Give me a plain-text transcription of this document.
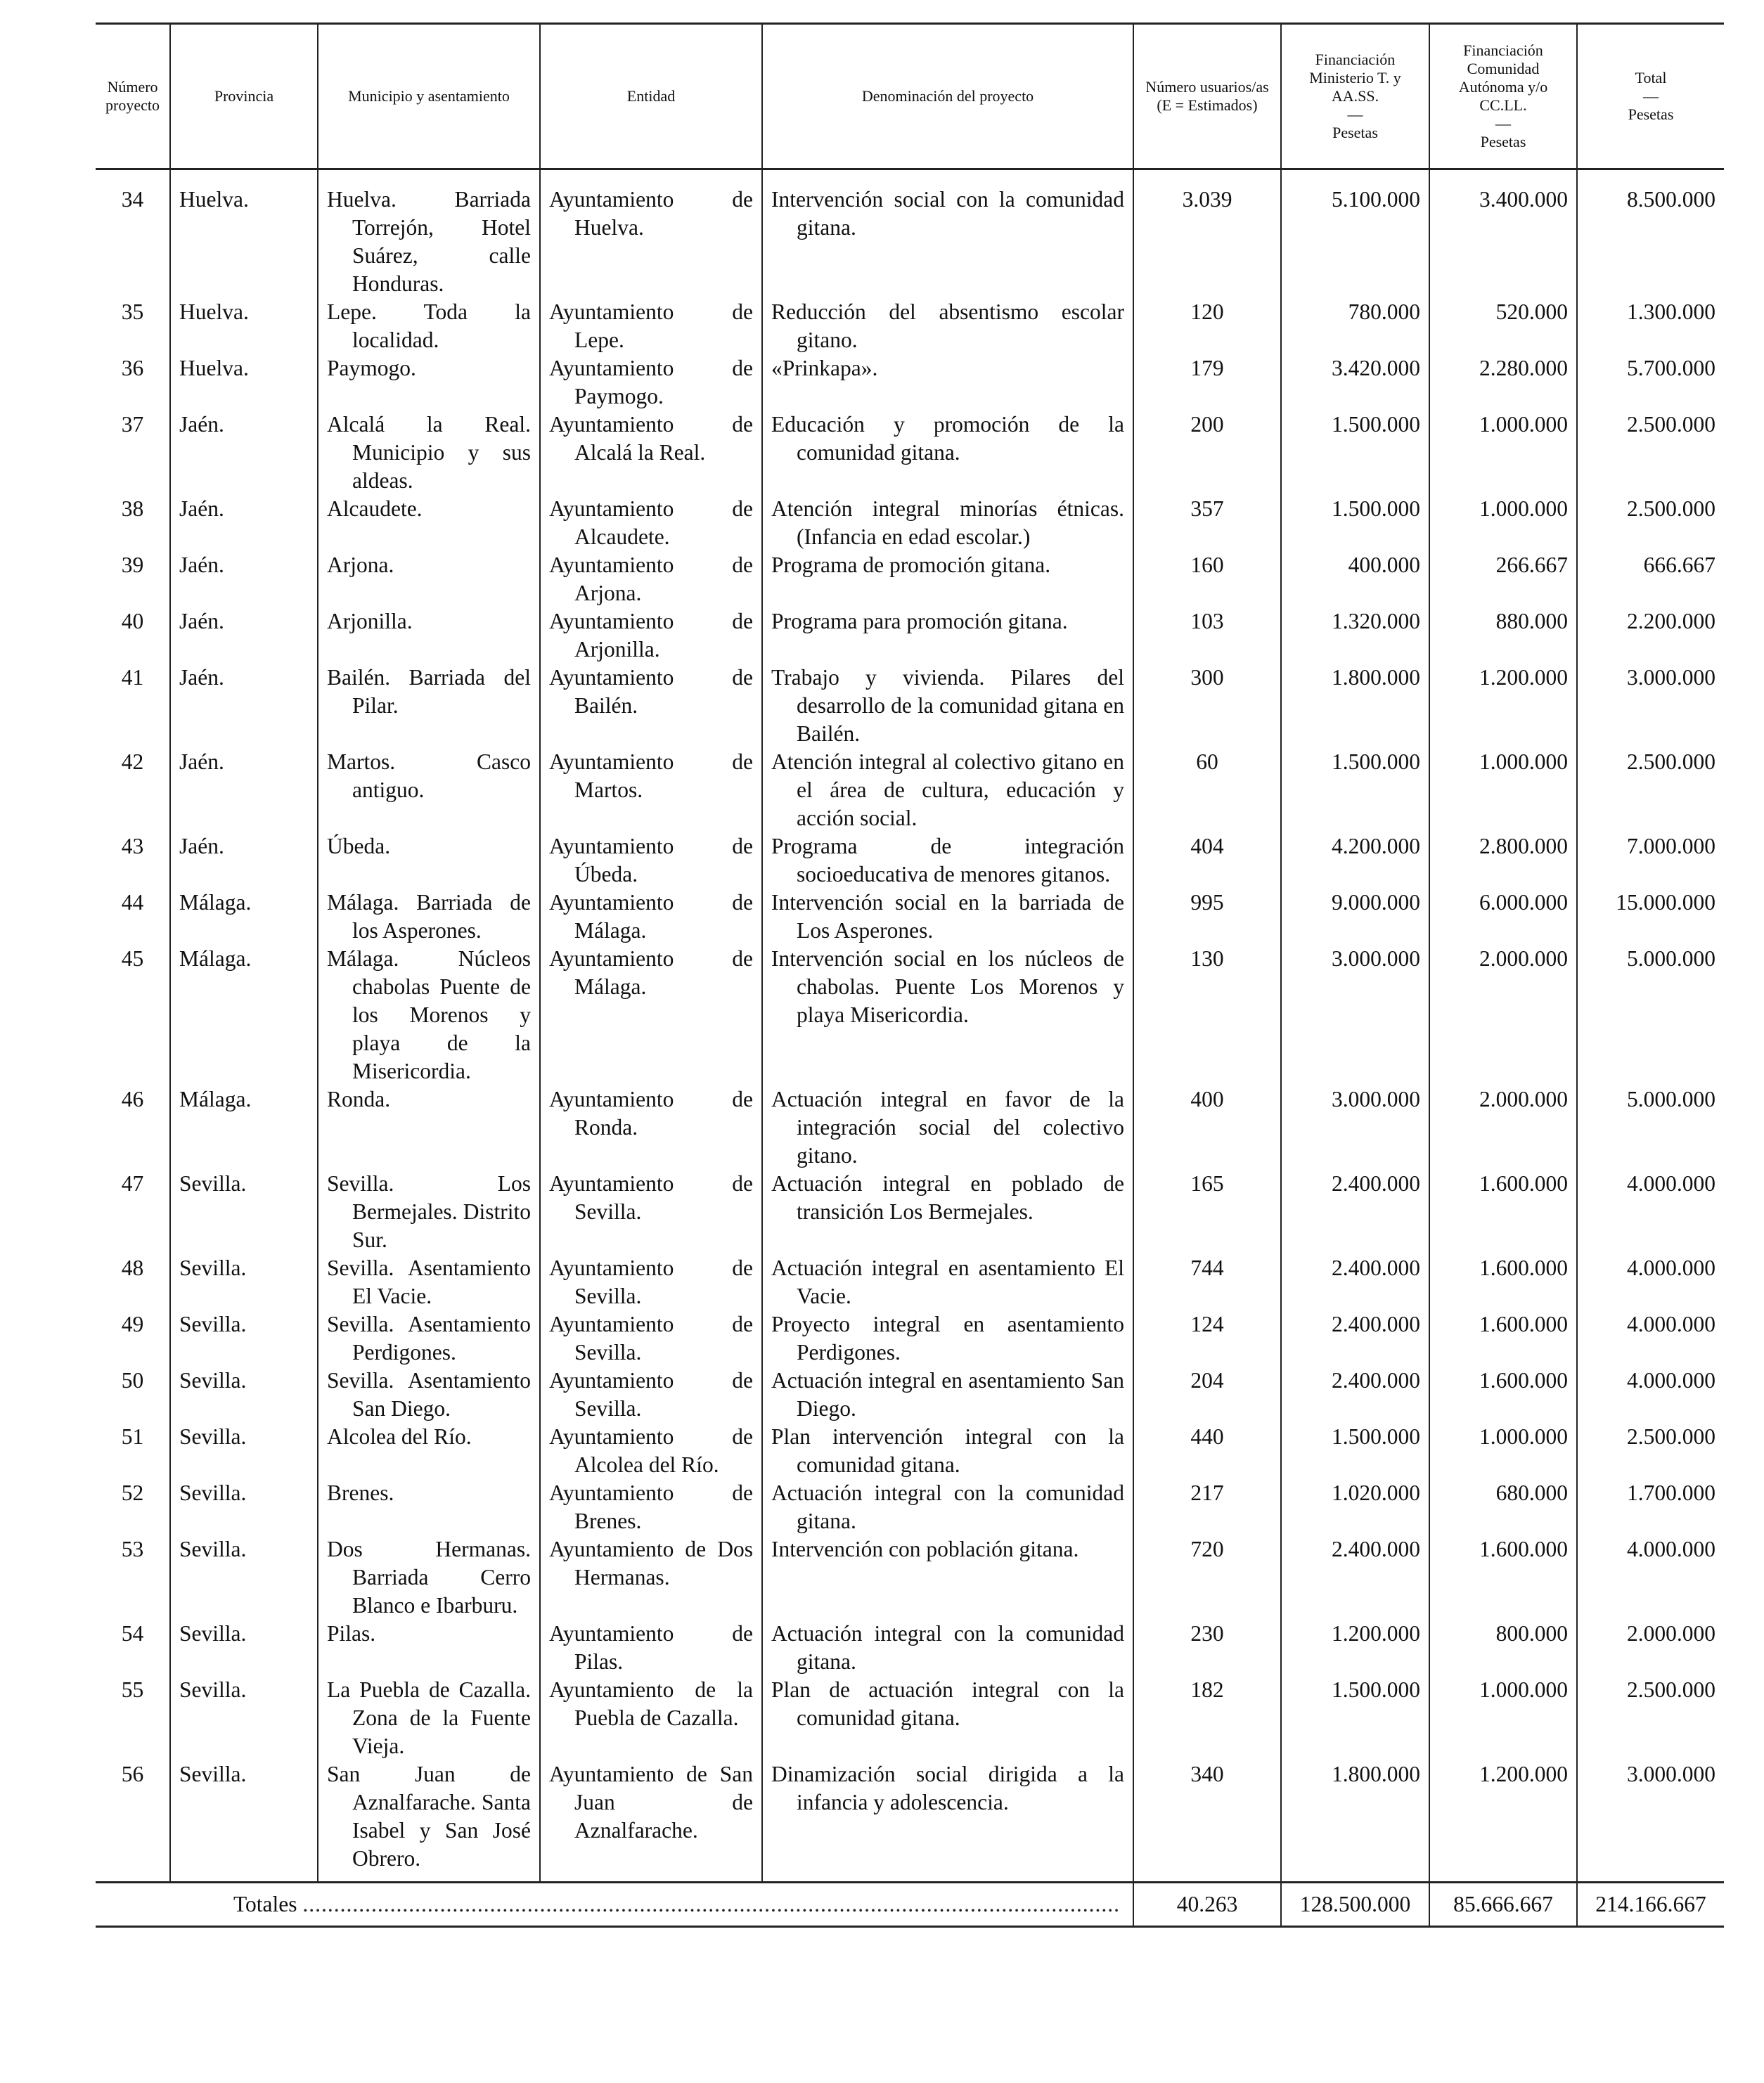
Número proyecto	Provincia	Municipio y asentamiento	Entidad	Denominación del proyecto	Número usuarios/as (E = Estimados)	Financiación Ministerio T. y AA.SS.
—
Pesetas	Financiación Comunidad Autónoma y/o CC.LL.
—
Pesetas	Total
—
Pesetas

34	Huelva.	Huelva. Barriada Torrejón, Hotel Suárez, calle Honduras.	Ayuntamiento de Huelva.	Intervención social con la comunidad gitana.	3.039	5.100.000	3.400.000	8.500.000
35	Huelva.	Lepe. Toda la localidad.	Ayuntamiento de Lepe.	Reducción del absentismo escolar gitano.	120	780.000	520.000	1.300.000
36	Huelva.	Paymogo.	Ayuntamiento de Paymogo.	«Prinkapa».	179	3.420.000	2.280.000	5.700.000
37	Jaén.	Alcalá la Real. Municipio y sus aldeas.	Ayuntamiento de Alcalá la Real.	Educación y promoción de la comunidad gitana.	200	1.500.000	1.000.000	2.500.000
38	Jaén.	Alcaudete.	Ayuntamiento de Alcaudete.	Atención integral minorías étnicas. (Infancia en edad escolar.)	357	1.500.000	1.000.000	2.500.000
39	Jaén.	Arjona.	Ayuntamiento de Arjona.	Programa de promoción gitana.	160	400.000	266.667	666.667
40	Jaén.	Arjonilla.	Ayuntamiento de Arjonilla.	Programa para promoción gitana.	103	1.320.000	880.000	2.200.000
41	Jaén.	Bailén. Barriada del Pilar.	Ayuntamiento de Bailén.	Trabajo y vivienda. Pilares del desarrollo de la comunidad gitana en Bailén.	300	1.800.000	1.200.000	3.000.000
42	Jaén.	Martos. Casco antiguo.	Ayuntamiento de Martos.	Atención integral al colectivo gitano en el área de cultura, educación y acción social.	60	1.500.000	1.000.000	2.500.000
43	Jaén.	Úbeda.	Ayuntamiento de Úbeda.	Programa de integración socioeducativa de menores gitanos.	404	4.200.000	2.800.000	7.000.000
44	Málaga.	Málaga. Barriada de los Asperones.	Ayuntamiento de Málaga.	Intervención social en la barriada de Los Asperones.	995	9.000.000	6.000.000	15.000.000
45	Málaga.	Málaga. Núcleos chabolas Puente de los Morenos y playa de la Misericordia.	Ayuntamiento de Málaga.	Intervención social en los núcleos de chabolas. Puente Los Morenos y playa Misericordia.	130	3.000.000	2.000.000	5.000.000
46	Málaga.	Ronda.	Ayuntamiento de Ronda.	Actuación integral en favor de la integración social del colectivo gitano.	400	3.000.000	2.000.000	5.000.000
47	Sevilla.	Sevilla. Los Bermejales. Distrito Sur.	Ayuntamiento de Sevilla.	Actuación integral en poblado de transición Los Bermejales.	165	2.400.000	1.600.000	4.000.000
48	Sevilla.	Sevilla. Asentamiento El Vacie.	Ayuntamiento de Sevilla.	Actuación integral en asentamiento El Vacie.	744	2.400.000	1.600.000	4.000.000
49	Sevilla.	Sevilla. Asentamiento Perdigones.	Ayuntamiento de Sevilla.	Proyecto integral en asentamiento Perdigones.	124	2.400.000	1.600.000	4.000.000
50	Sevilla.	Sevilla. Asentamiento San Diego.	Ayuntamiento de Sevilla.	Actuación integral en asentamiento San Diego.	204	2.400.000	1.600.000	4.000.000
51	Sevilla.	Alcolea del Río.	Ayuntamiento de Alcolea del Río.	Plan intervención integral con la comunidad gitana.	440	1.500.000	1.000.000	2.500.000
52	Sevilla.	Brenes.	Ayuntamiento de Brenes.	Actuación integral con la comunidad gitana.	217	1.020.000	680.000	1.700.000
53	Sevilla.	Dos Hermanas. Barriada Cerro Blanco e Ibarburu.	Ayuntamiento de Dos Hermanas.	Intervención con población gitana.	720	2.400.000	1.600.000	4.000.000
54	Sevilla.	Pilas.	Ayuntamiento de Pilas.	Actuación integral con la comunidad gitana.	230	1.200.000	800.000	2.000.000
55	Sevilla.	La Puebla de Cazalla. Zona de la Fuente Vieja.	Ayuntamiento de la Puebla de Cazalla.	Plan de actuación integral con la comunidad gitana.	182	1.500.000	1.000.000	2.500.000
56	Sevilla.	San Juan de Aznalfarache. Santa Isabel y San José Obrero.	Ayuntamiento de San Juan de Aznalfarache.	Dinamización social dirigida a la infancia y adolescencia.	340	1.800.000	1.200.000	3.000.000
Totales ...................................................................................................................................					40.263	128.500.000	85.666.667	214.166.667
